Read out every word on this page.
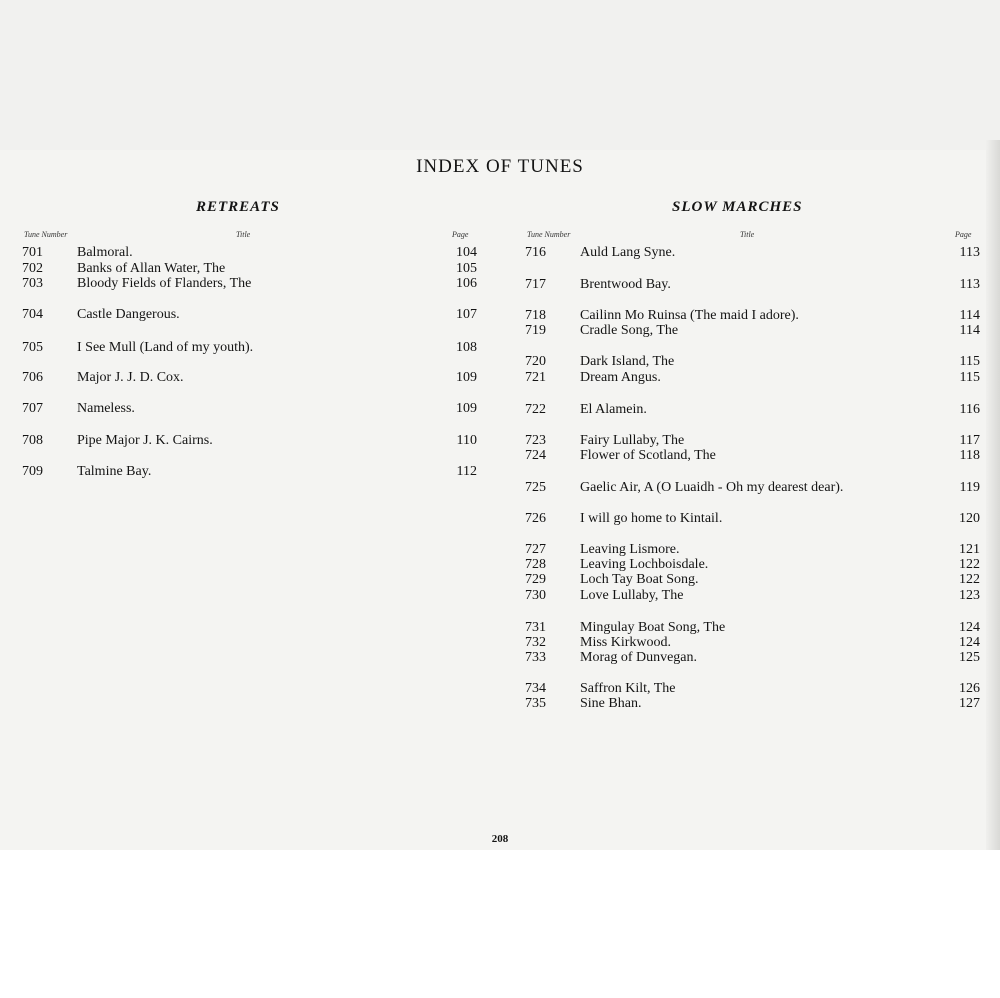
INDEX OF TUNES
RETREATS
Tune Number	Title	Page
701 Balmoral.	104
702 Banks of Allan Water, The	105
703 Bloody Fields of Flanders, The	106
704 Castle Dangerous.	107
705 I See Mull (Land of my youth).	108
706 Major J. J. D. Cox.	109
707 Nameless.	109
708 Pipe Major J. K. Cairns.	110
709 Talmine Bay.	112
SLOW MARCHES
Tune Number	Title	Page
716 Auld Lang Syne.	113
717 Brentwood Bay.	113
718 Cailinn Mo Ruinsa (The maid I adore).	114
719 Cradle Song, The	114
720 Dark Island, The	115
721 Dream Angus.	115
722 El Alamein.	116
723 Fairy Lullaby, The	117
724 Flower of Scotland, The	118
725 Gaelic Air, A (O Luaidh - Oh my dearest dear).	119
726 I will go home to Kintail.	120
727 Leaving Lismore.	121
728 Leaving Lochboisdale.	122
729 Loch Tay Boat Song.	122
730 Love Lullaby, The	123
731 Mingulay Boat Song, The	124
732 Miss Kirkwood.	124
733 Morag of Dunvegan.	125
734 Saffron Kilt, The	126
735 Sine Bhan.	127
208
